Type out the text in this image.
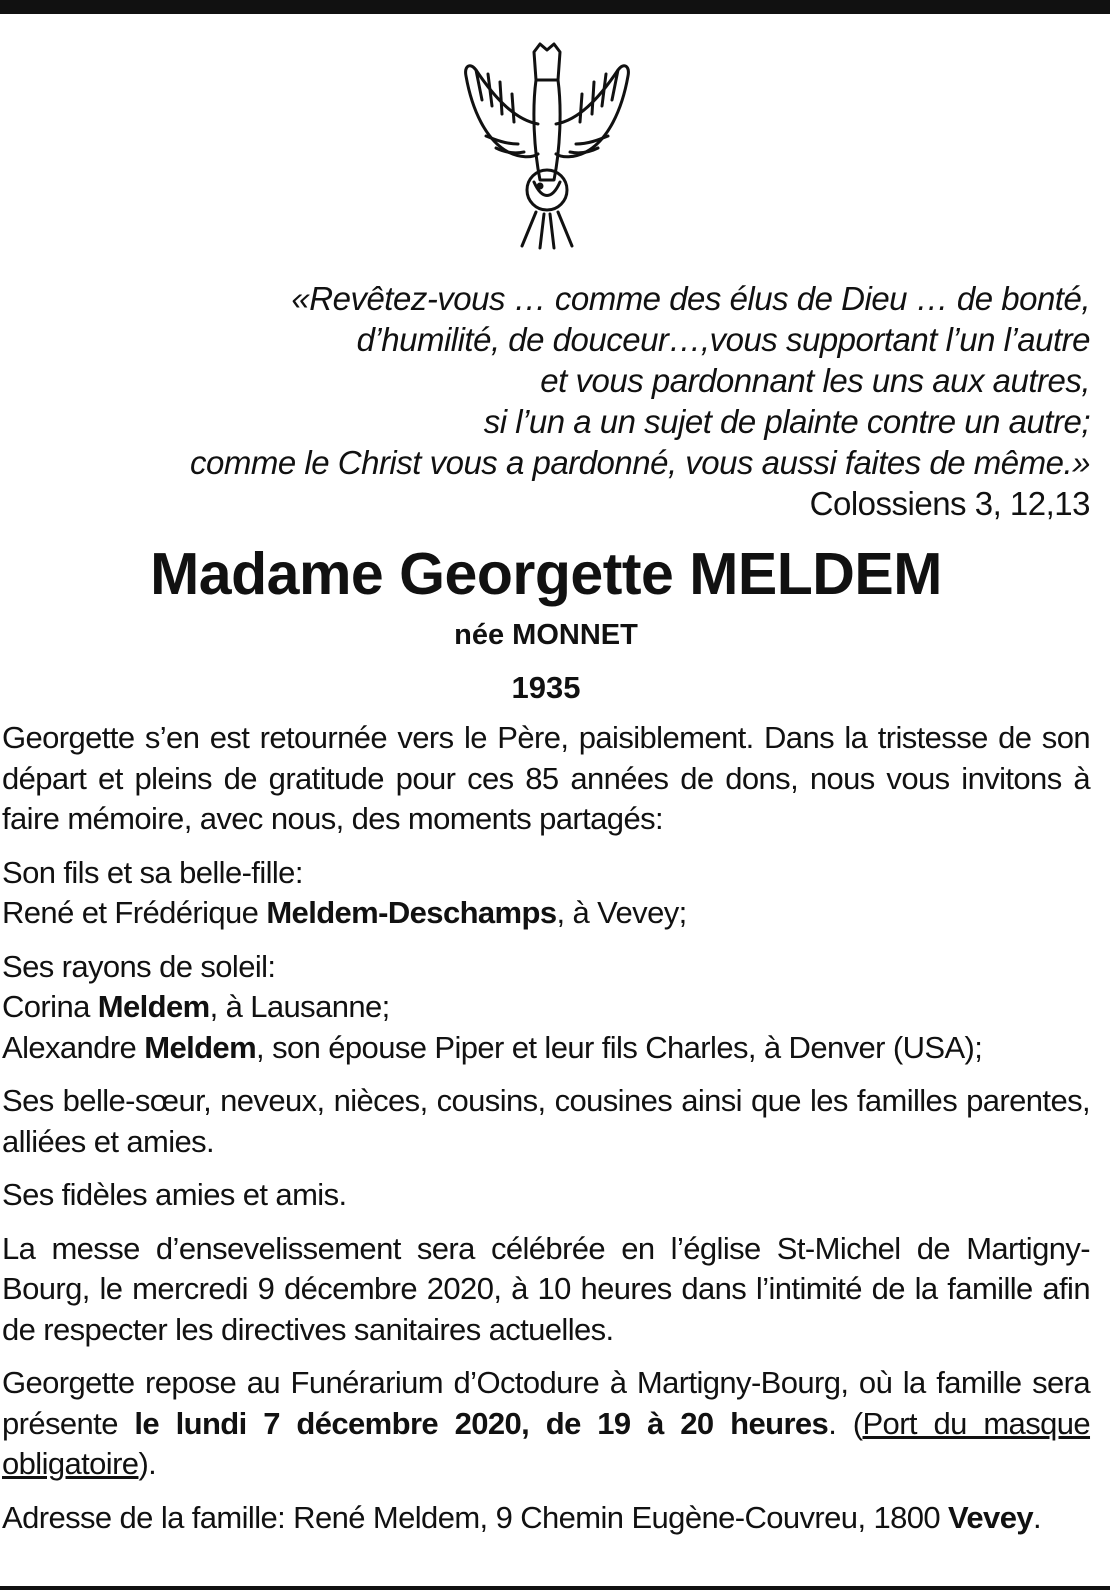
«Revêtez-vous … comme des élus de Dieu … de bonté,
d’humilité, de douceur…,vous supportant l’un l’autre
et vous pardonnant les uns aux autres,
si l’un a un sujet de plainte contre un autre;
comme le Christ vous a pardonné, vous aussi faites de même.»
Colossiens 3, 12,13
Madame Georgette MELDEM
née MONNET
1935

Georgette s’en est retournée vers le Père, paisiblement. Dans la tristesse de son départ et pleins de gratitude pour ces 85 années de dons, nous vous invitons à faire mémoire, avec nous, des moments partagés:

Son fils et sa belle-fille:
René et Frédérique Meldem-Deschamps, à Vevey;

Ses rayons de soleil:
Corina Meldem, à Lausanne;
Alexandre Meldem, son épouse Piper et leur fils Charles, à Denver (USA);

Ses belle-sœur, neveux, nièces, cousins, cousines ainsi que les familles parentes, alliées et amies.

Ses fidèles amies et amis.

La messe d’ensevelissement sera célébrée en l’église St-Michel de Martigny-Bourg, le mercredi 9 décembre 2020, à 10 heures dans l’intimité de la famille afin de respecter les directives sanitaires actuelles.

Georgette repose au Funérarium d’Octodure à Martigny-Bourg, où la famille sera présente le lundi 7 décembre 2020, de 19 à 20 heures. (Port du masque obligatoire).

Adresse de la famille: René Meldem, 9 Chemin Eugène-Couvreu, 1800 Vevey.
